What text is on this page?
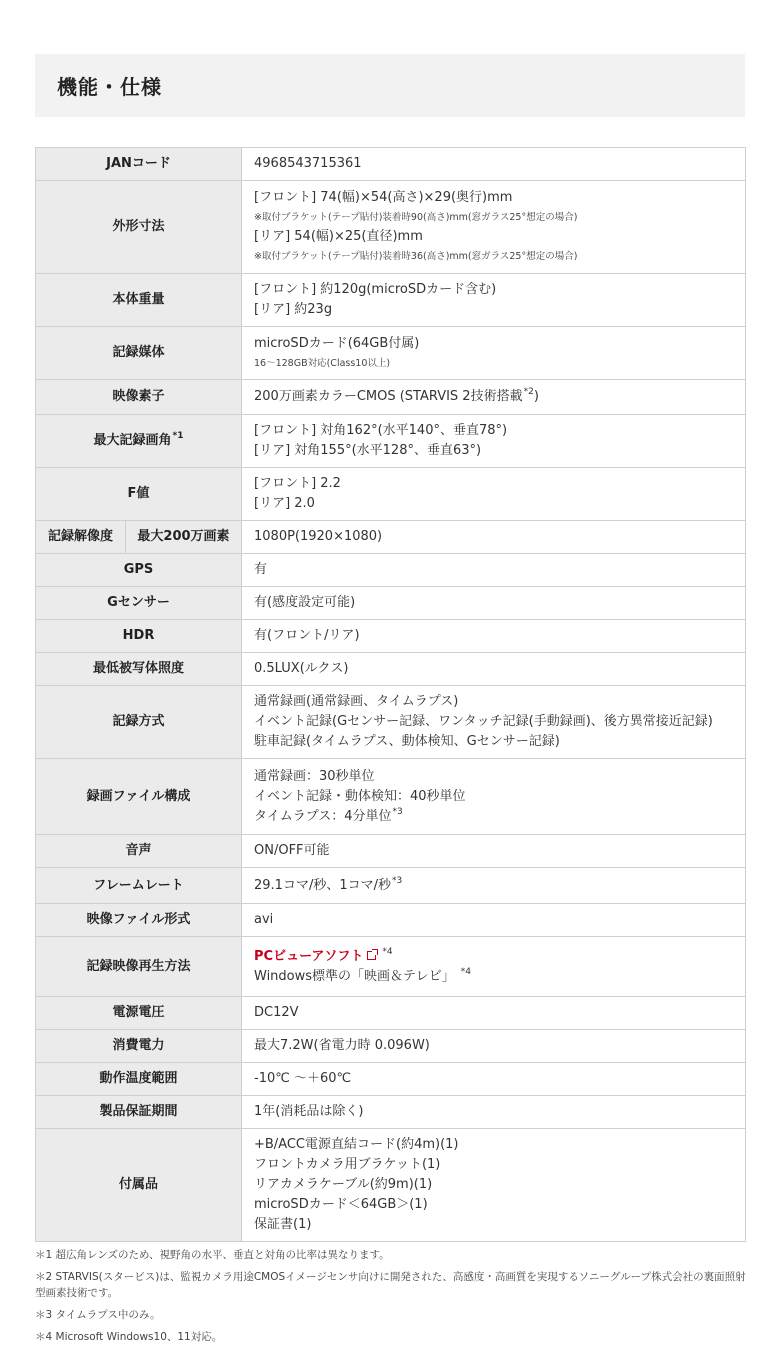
機能・仕様
JANコード		4968543715361
外形寸法		[フロント] 74(幅)×54(高さ)×29(奥行)mm
※取付ブラケット(テープ貼付)装着時90(高さ)mm(窓ガラス25°想定の場合)
[リア] 54(幅)×25(直径)mm
※取付ブラケット(テープ貼付)装着時36(高さ)mm(窓ガラス25°想定の場合)

本体重量		[フロント] 約120g(microSDカード含む)
[リア] 約23g

記録媒体		microSDカード(64GB付属)
16～128GB対応(Class10以上)

映像素子		200万画素カラーCMOS (STARVIS 2技術搭載$^{*2}$)
最大記録画角$^{*1}$		[フロント] 対角162°(水平140°、垂直78°)
[リア] 対角155°(水平128°、垂直63°)

F値		[フロント] 2.2
[リア] 2.0

記録解像度	最大200万画素	1080P(1920×1080)
GPS		有
Gセンサー		有(感度設定可能)
HDR		有(フロント/リア)
最低被写体照度		0.5LUX(ルクス)
記録方式		通常録画(通常録画、タイムラプス)
イベント記録(Gセンサー記録、ワンタッチ記録(手動録画)、後方異常接近記録)
駐車記録(タイムラプス、動体検知、Gセンサー記録)

録画ファイル構成		通常録画：30秒単位
イベント記録・動体検知：40秒単位
タイムラプス：4分単位$^{*3}$

音声		ON/OFF可能
フレームレート		29.1コマ/秒、1コマ/秒$^{*3}$
映像ファイル形式		avi
記録映像再生方法		PCビューアソフト $^{*4}$
Windows標準の「映画＆テレビ」 $^{*4}$

電源電圧		DC12V
消費電力		最大7.2W(省電力時 0.096W)
動作温度範囲		-10℃ ～＋60℃
製品保証期間		1年(消耗品は除く)
付属品		+B/ACC電源直結コード(約4m)(1)
フロントカメラ用ブラケット(1)
リアカメラケーブル(約9m)(1)
microSDカード＜64GB＞(1)
保証書(1)

＊1 超広角レンズのため、視野角の水平、垂直と対角の比率は異なります。

＊2 STARVIS(スタービス)は、監視カメラ用途CMOSイメージセンサ向けに開発された、高感度・高画質を実現するソニーグループ株式会社の裏面照射型画素技術です。

＊3 タイムラプス中のみ。

＊4 Microsoft Windows10、11対応。
